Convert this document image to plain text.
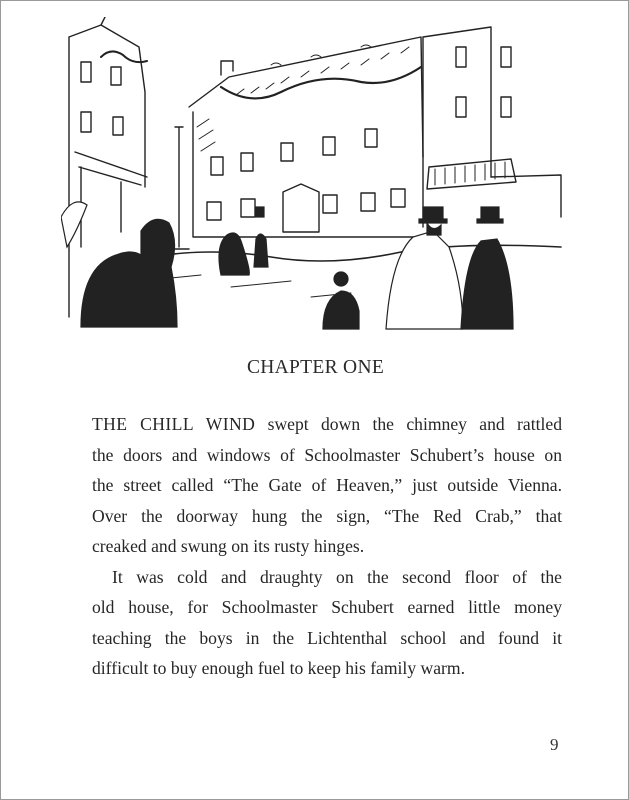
CHAPTER ONE
THE CHILL WIND swept down the chimney and rattled
the doors and windows of Schoolmaster Schubert’s house on
the street called “The Gate of Heaven,” just outside Vienna.
Over the doorway hung the sign, “The Red Crab,” that
creaked and swung on its rusty hinges.
It was cold and draughty on the second floor of the
old house, for Schoolmaster Schubert earned little money
teaching the boys in the Lichtenthal school and found it
difficult to buy enough fuel to keep his family warm.
9
